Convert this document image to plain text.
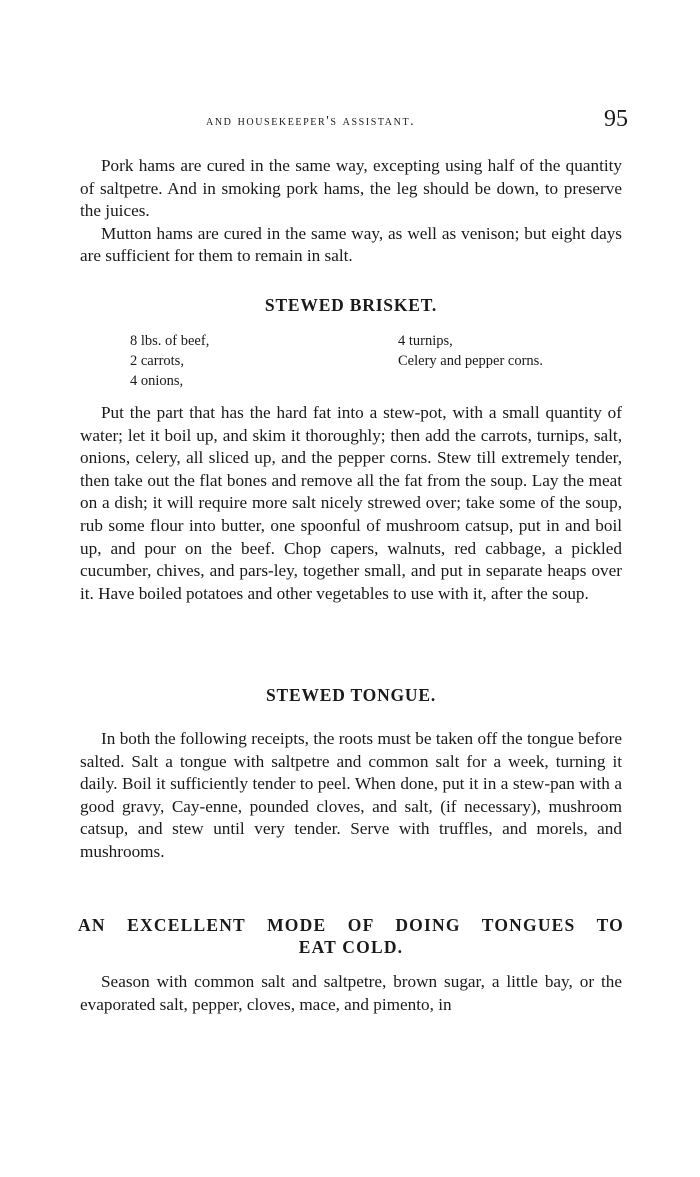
and housekeeper's assistant.	95

Pork hams are cured in the same way, excepting using half of the quantity of saltpetre. And in smoking pork hams, the leg should be down, to preserve the juices.

Mutton hams are cured in the same way, as well as venison; but eight days are sufficient for them to remain in salt.

STEWED BRISKET.
8 lbs. of beef,
2 carrots,
4 onions,
4 turnips,
Celery and pepper corns.

Put the part that has the hard fat into a stew-pot, with a small quantity of water; let it boil up, and skim it thoroughly; then add the carrots, turnips, salt, onions, celery, all sliced up, and the pepper corns. Stew till extremely tender, then take out the flat bones and remove all the fat from the soup. Lay the meat on a dish; it will require more salt nicely strewed over; take some of the soup, rub some flour into butter, one spoonful of mushroom catsup, put in and boil up, and pour on the beef. Chop capers, walnuts, red cabbage, a pickled cucumber, chives, and pars-ley, together small, and put in separate heaps over it. Have boiled potatoes and other vegetables to use with it, after the soup.

STEWED TONGUE.

In both the following receipts, the roots must be taken off the tongue before salted. Salt a tongue with saltpetre and common salt for a week, turning it daily. Boil it sufficiently tender to peel. When done, put it in a stew-pan with a good gravy, Cay-enne, pounded cloves, and salt, (if necessary), mushroom catsup, and stew until very tender. Serve with truffles, and morels, and mushrooms.

AN EXCELLENT MODE OF DOING TONGUES TO
EAT COLD.

Season with common salt and saltpetre, brown sugar, a little bay, or the evaporated salt, pepper, cloves, mace, and pimento, in
